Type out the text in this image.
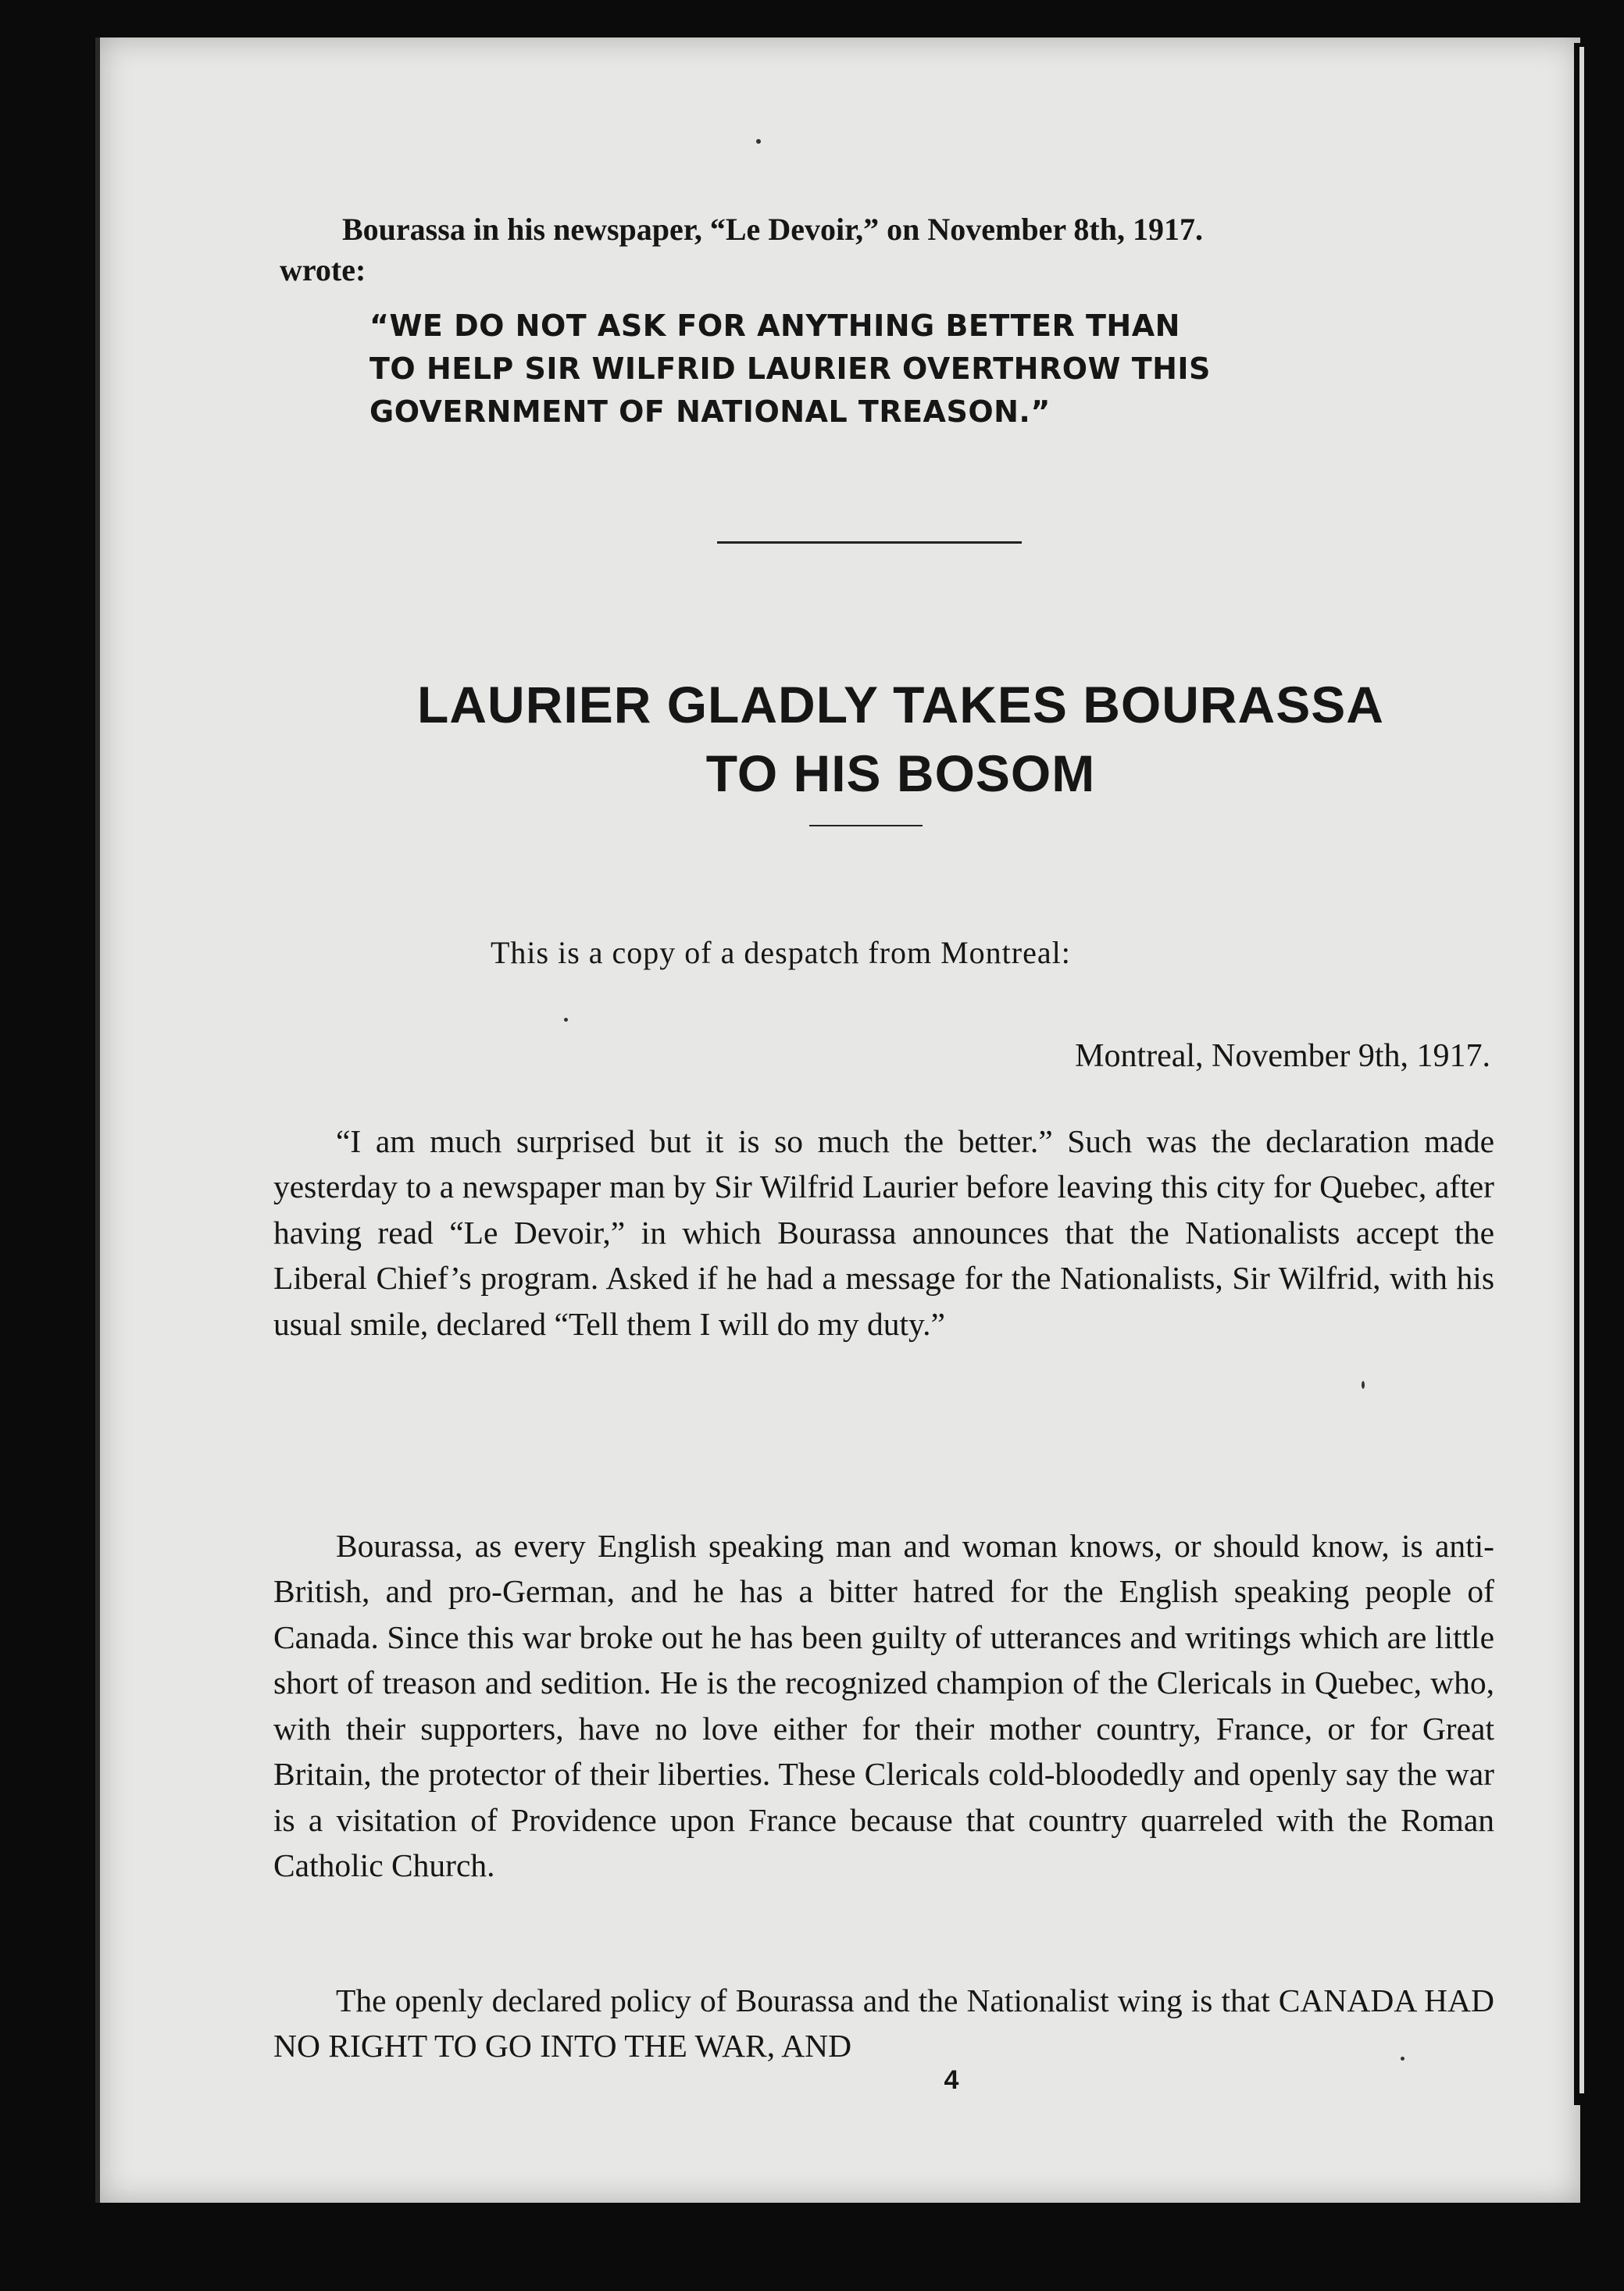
Bourassa in his newspaper, “Le Devoir,” on November 8th, 1917.
wrote:
“WE DO NOT ASK FOR ANYTHING BETTER THAN
TO HELP SIR WILFRID LAURIER OVERTHROW THIS
GOVERNMENT OF NATIONAL TREASON.”
LAURIER GLADLY TAKES BOURASSA
TO HIS BOSOM
This is a copy of a despatch from Montreal:
Montreal, November 9th, 1917.

“I am much surprised but it is so much the better.” Such was the declaration made yesterday to a newspaper man by Sir Wilfrid Laurier before leaving this city for Quebec, after having read “Le Devoir,” in which Bourassa announces that the Nationalists accept the Liberal Chief’s program. Asked if he had a message for the Nationalists, Sir Wilfrid, with his usual smile, declared “Tell them I will do my duty.”

Bourassa, as every English speaking man and woman knows, or should know, is anti-British, and pro-German, and he has a bitter hatred for the English speaking people of Canada. Since this war broke out he has been guilty of utterances and writings which are little short of treason and sedition. He is the recognized champion of the Clericals in Quebec, who, with their supporters, have no love either for their mother country, France, or for Great Britain, the protector of their liberties. These Clericals cold-bloodedly and openly say the war is a visitation of Providence upon France because that country quarreled with the Roman Catholic Church.

The openly declared policy of Bourassa and the Nationalist wing is that CANADA HAD NO RIGHT TO GO INTO THE WAR, AND

4
